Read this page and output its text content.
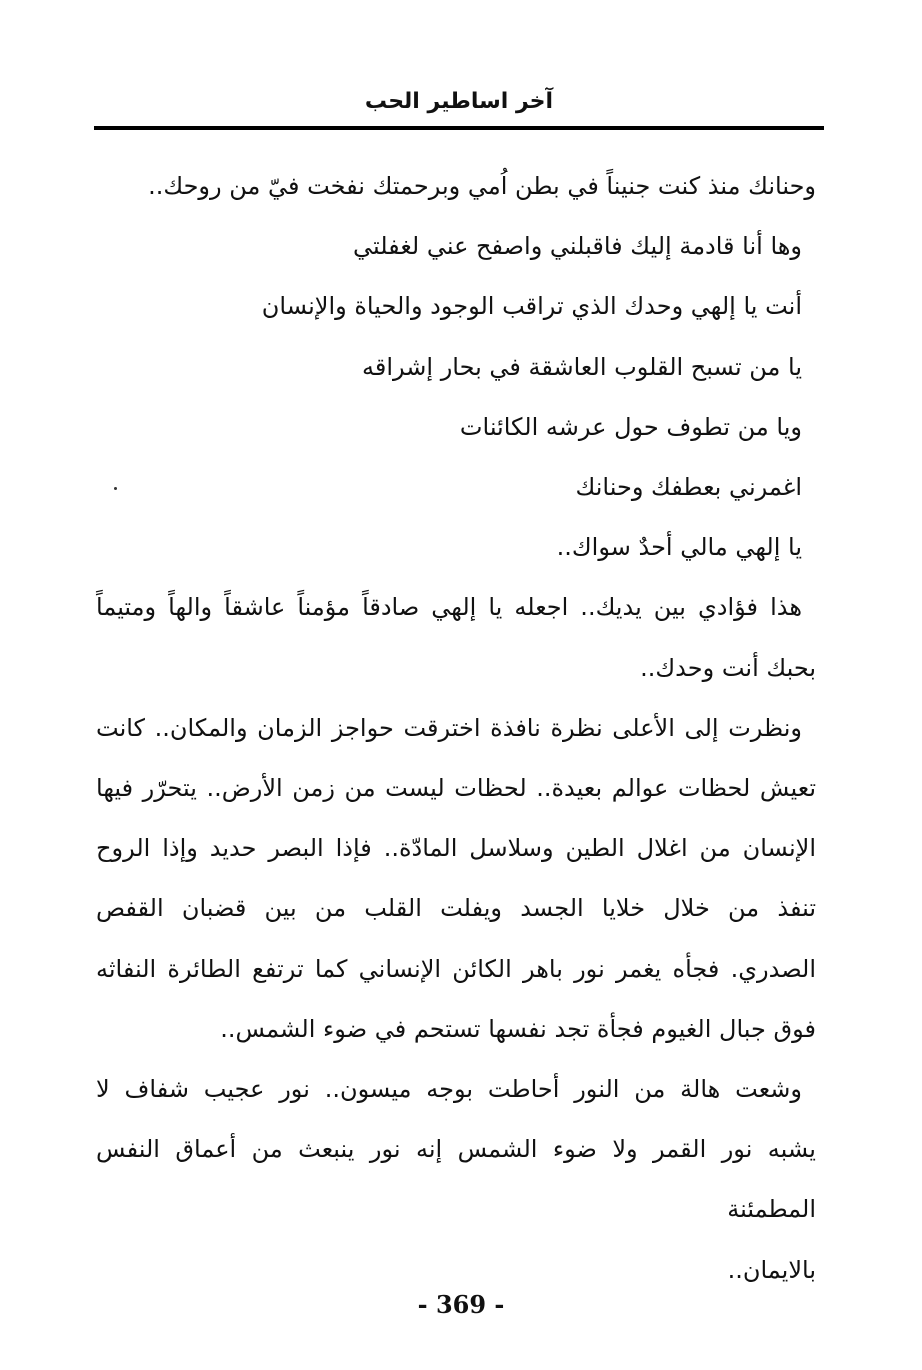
آخر اساطير الحب
وحنانك منذ كنت جنيناً في بطن اُمي وبرحمتك نفخت فيّ من روحك..
وها أنا قادمة إليك فاقبلني واصفح عني لغفلتي
أنت يا إلهي وحدك الذي تراقب الوجود والحياة والإنسان
يا من تسبح القلوب العاشقة في بحار إشراقه
ويا من تطوف حول عرشه الكائنات
اغمرني بعطفك وحنانك
يا إلهي مالي أحدٌ سواك..
هذا فؤادي بين يديك.. اجعله يا إلهي صادقاً مؤمناً عاشقاً والهاً ومتيماً
بحبك أنت وحدك..
ونظرت إلى الأعلى نظرة نافذة اخترقت حواجز الزمان والمكان.. كانت
تعيش لحظات عوالم بعيدة.. لحظات ليست من زمن الأرض.. يتحرّر فيها
الإنسان من اغلال الطين وسلاسل المادّة.. فإذا البصر حديد وإذا الروح
تنفذ من خلال خلايا الجسد ويفلت القلب من بين قضبان القفص
الصدري. فجأه يغمر نور باهر الكائن الإنساني كما ترتفع الطائرة النفاثه
فوق جبال الغيوم فجأة تجد نفسها تستحم في ضوء الشمس..
وشعت هالة من النور أحاطت بوجه ميسون.. نور عجيب شفاف لا
يشبه نور القمر ولا ضوء الشمس إنه نور ينبعث من أعماق النفس المطمئنة
بالايمان..
- 369 -
